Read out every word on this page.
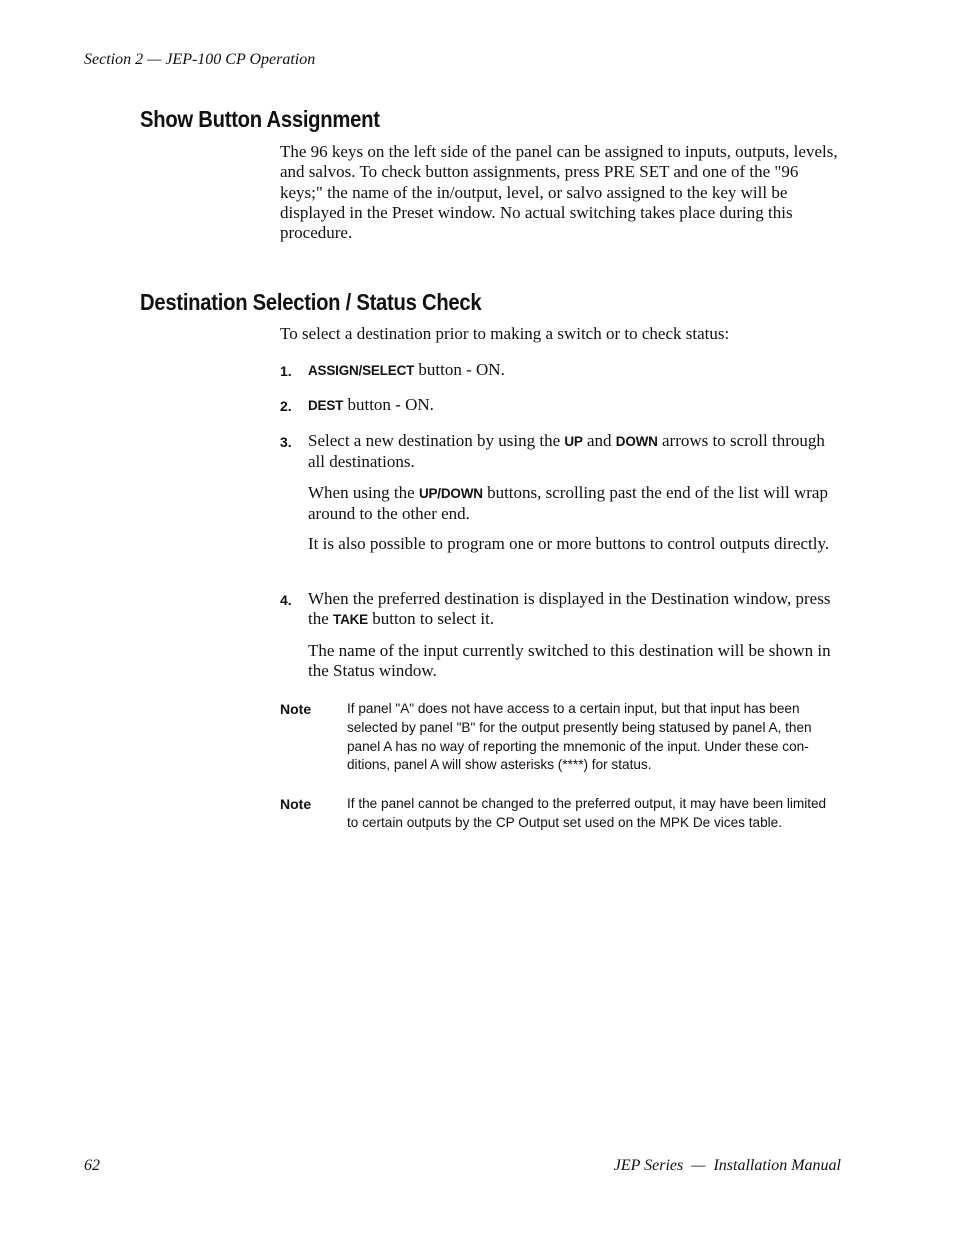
Section 2 — JEP-100 CP Operation
Show Button Assignment

The 96 keys on the left side of the panel can be assigned to inputs, outputs, levels, and salvos. To check button assignments, press PRE SET and one of the "96 keys;" the name of the in/output, level, or salvo assigned to the key will be displayed in the Preset window. No actual switching takes place during this procedure.

Destination Selection / Status Check

To select a destination prior to making a switch or to check status:

1. ASSIGN/SELECT button - ON.

2. DEST button - ON.

3. Select a new destination by using the UP and DOWN arrows to scroll through all destinations.

When using the UP/DOWN buttons, scrolling past the end of the list will wrap around to the other end.

It is also possible to program one or more buttons to control outputs directly.

4. When the preferred destination is displayed in the Destination window, press the TAKE button to select it.

The name of the input currently switched to this destination will be shown in the Status window.

Note	If panel "A" does not have access to a certain input, but that input has been selected by panel "B" for the output presently being statused by panel A, then panel A has no way of reporting the mnemonic of the input. Under these con-ditions, panel A will show asterisks (****) for status.
Note	If the panel cannot be changed to the preferred output, it may have been limited to certain outputs by the CP Output set used on the MPK De vices table.
62	JEP Series  —  Installation Manual
